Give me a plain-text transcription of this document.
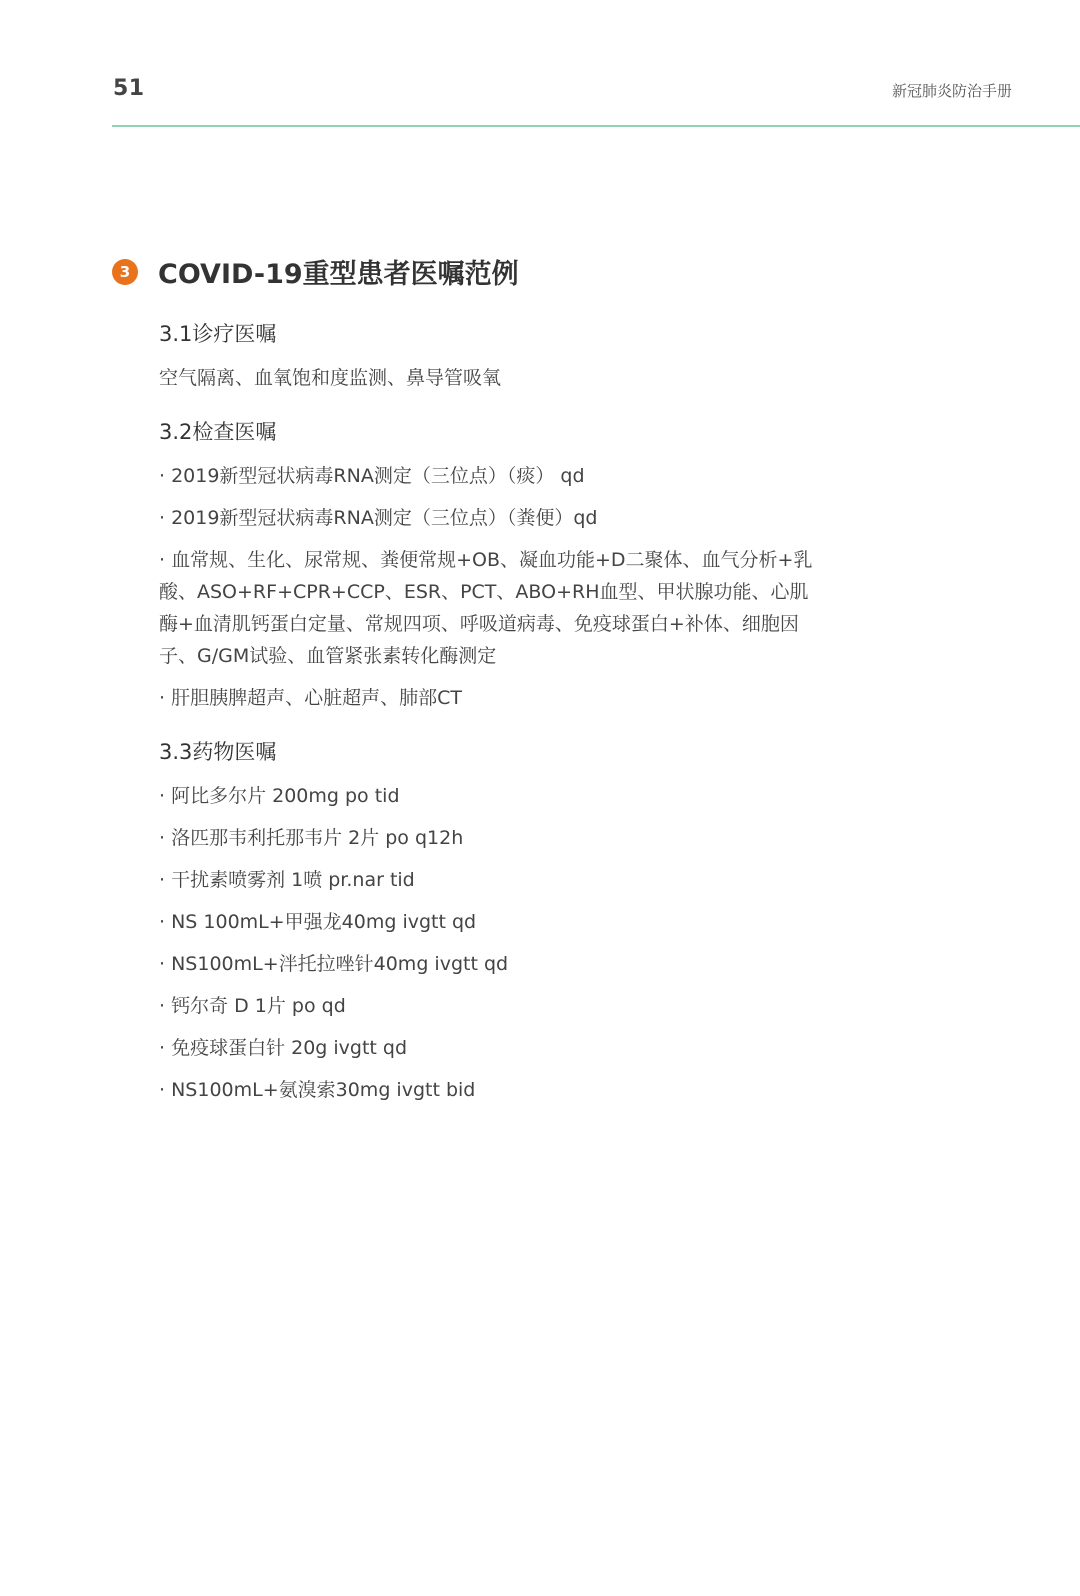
51	新冠肺炎防治手册
3 COVID-19重型患者医嘱范例
3.1诊疗医嘱
空气隔离、血氧饱和度监测、鼻导管吸氧
3.2检查医嘱
· 2019新型冠状病毒RNA测定（三位点）（痰） qd
· 2019新型冠状病毒RNA测定（三位点）（粪便）qd
· 血常规、生化、尿常规、粪便常规+OB、凝血功能+D二聚体、血气分析+乳酸、ASO+RF+CPR+CCP、ESR、PCT、ABO+RH血型、甲状腺功能、心肌酶+血清肌钙蛋白定量、常规四项、呼吸道病毒、免疫球蛋白+补体、细胞因子、G/GM试验、血管紧张素转化酶测定
· 肝胆胰脾超声、心脏超声、肺部CT
3.3药物医嘱
· 阿比多尔片 200mg po tid
· 洛匹那韦利托那韦片 2片 po q12h
· 干扰素喷雾剂 1喷 pr.nar tid
· NS 100mL+甲强龙40mg ivgtt qd
· NS100mL+泮托拉唑针40mg ivgtt qd
· 钙尔奇 D 1片 po qd
· 免疫球蛋白针 20g ivgtt qd
· NS100mL+氨溴索30mg ivgtt bid
